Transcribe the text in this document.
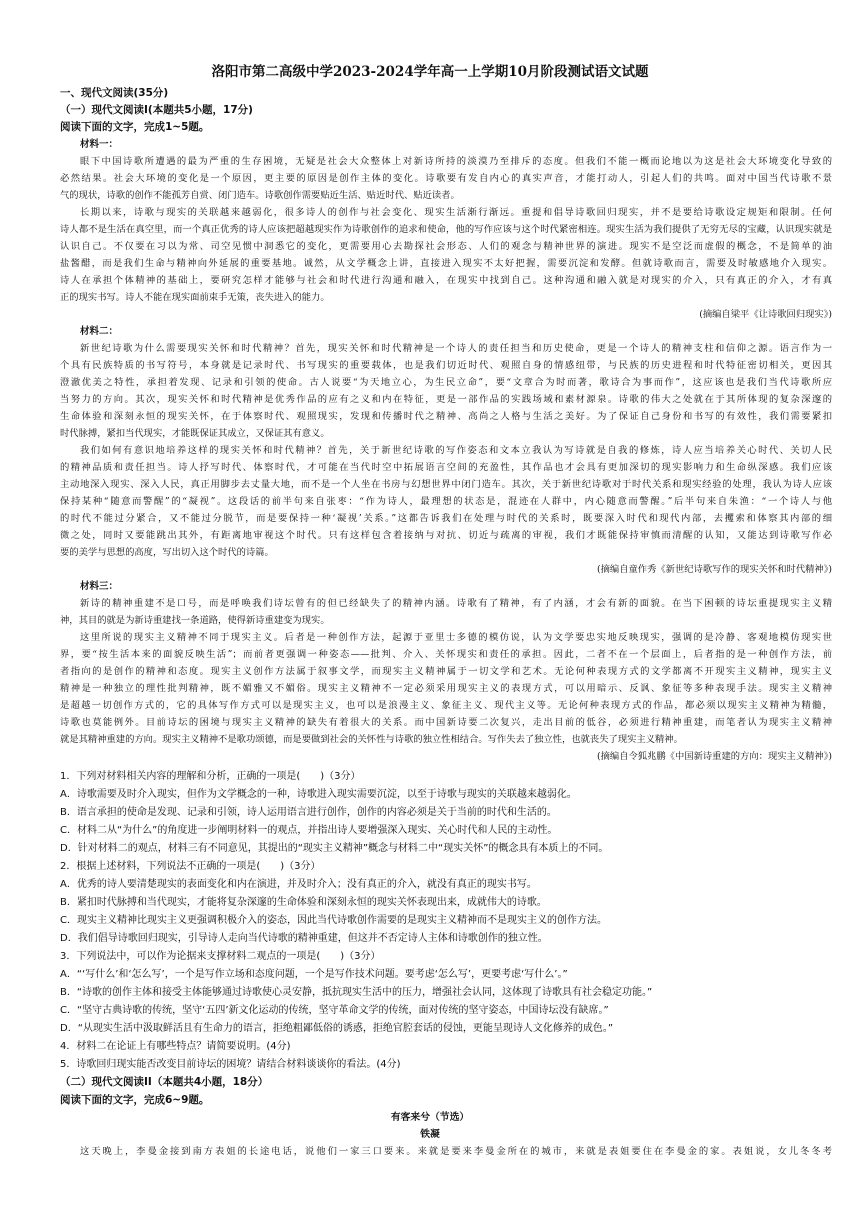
洛阳市第二高级中学2023-2024学年高一上学期10月阶段测试语文试题
一、现代文阅读(35分)
（一）现代文阅读I(本题共5小题，17分)
阅读下面的文字，完成1~5题。
材料一：
眼下中国诗歌所遭遇的最为严重的生存困境，无疑是社会大众整体上对新诗所持的淡漠乃至排斥的态度。但我们不能一概而论地以为这是社会大环境变化导致的
必然结果。社会大环境的变化是一个原因，更主要的原因是创作主体的变化。诗歌要有发自内心的真实声音，才能打动人，引起人们的共鸣。面对中国当代诗歌不景
气的现状，诗歌的创作不能孤芳自赏、闭门造车。诗歌创作需要贴近生活、贴近时代、贴近读者。
长期以来，诗歌与现实的关联越来越弱化，很多诗人的创作与社会变化、现实生活渐行渐远。重提和倡导诗歌回归现实，并不是要给诗歌设定规矩和限制。任何
诗人都不是生活在真空里，而一个真正优秀的诗人应该把超越现实作为诗歌创作的追求和使命，他的写作应该与这个时代紧密相连。现实生活为我们提供了无穷无尽的宝藏，认识现实就是
认识自己。不仅要在习以为常、司空见惯中洞悉它的变化，更需要用心去勘探社会形态、人们的观念与精神世界的演进。现实不是空泛而虚假的概念，不是简单的油
盐酱醋，而是我们生命与精神向外延展的重要基地。诚然，从文学概念上讲，直接进入现实不太好把握，需要沉淀和发酵。但就诗歌而言，需要及时敏感地介入现实。
诗人在承担个体精神的基础上，要研究怎样才能够与社会和时代进行沟通和融入，在现实中找到自己。这种沟通和融入就是对现实的介入，只有真正的介入，才有真
正的现实书写。诗人不能在现实面前束手无策，丧失进入的能力。
(摘编自梁平《让诗歌回归现实》)
材料二：
新世纪诗歌为什么需要现实关怀和时代精神？首先，现实关怀和时代精神是一个诗人的责任担当和历史使命，更是一个诗人的精神支柱和信仰之源。语言作为一
个具有民族特质的书写符号，本身就是记录时代、书写现实的重要载体，也是我们切近时代、观照自身的情感纽带，与民族的历史进程和时代特征密切相关，更因其
澄澈优美之特性，承担着发现、记录和引领的使命。古人说要“为天地立心，为生民立命”，要“文章合为时而著，歌诗合为事而作”，这应该也是我们当代诗歌所应
当努力的方向。其次，现实关怀和时代精神是优秀作品的应有之义和内在特征，更是一部作品的实践场域和素材源泉。诗歌的伟大之处就在于其所体现的复杂深邃的
生命体验和深刻永恒的现实关怀，在于体察时代、观照现实，发现和传播时代之精神、高尚之人格与生活之美好。为了保证自己身份和书写的有效性，我们需要紧扣
时代脉搏，紧扣当代现实，才能既保证其成立，又保证其有意义。
我们如何有意识地培养这样的现实关怀和时代精神？首先，关于新世纪诗歌的写作姿态和文本立我认为写诗就是自我的修炼，诗人应当培养关心时代、关切人民
的精神品质和责任担当。诗人抒写时代、体察时代，才可能在当代时空中拓展语言空间的充盈性，其作品也才会具有更加深切的现实影响力和生命纵深感。我们应该
主动地深入现实、深入人民，真正用脚步去丈量大地，而不是一个人坐在书房与幻想世界中闭门造车。其次，关于新世纪诗歌对于时代关系和现实经验的处理，我认为诗人应该
保持某种“随意而警醒”的“凝视”。这段话的前半句来自张枣：“作为诗人，最理想的状态是，混迹在人群中，内心随意而警醒。”后半句来自朱渔：“一个诗人与他
的时代不能过分紧合，又不能过分脱节，而是要保持一种‘凝视’关系。”这都告诉我们在处理与时代的关系时，既要深入时代和现代内部，去攫索和体察其内部的细
微之处，同时又要能跳出其外，有距离地审视这个时代。只有这样包含着接纳与对抗、切近与疏离的审视，我们才既能保持审慎而清醒的认知，又能达到诗歌写作必
要的美学与思想的高度，写出切入这个时代的诗篇。
(摘编自童作秀《新世纪诗歌写作的现实关怀和时代精神》)
材料三：
新诗的精神重建不是口号，而是呼唤我们诗坛曾有的但已经缺失了的精神内涵。诗歌有了精神，有了内涵，才会有新的面貌。在当下困顿的诗坛重提现实主义精
神，其目的就是为新诗重建找一条道路，使得新诗重建变为现实。
这里所说的现实主义精神不同于现实主义。后者是一种创作方法，起源于亚里士多德的模仿说，认为文学要忠实地反映现实，强调的是冷静、客观地模仿现实世
界，要“按生活本来的面貌反映生活”；而前者更强调一种姿态——批判、介入、关怀现实和责任的承担。因此，二者不在一个层面上，后者指的是一种创作方法，前
者指向的是创作的精神和态度。现实主义创作方法属于叙事文学，而现实主义精神属于一切文学和艺术。无论何种表现方式的文学都离不开现实主义精神，现实主义
精神是一种独立的理性批判精神，既不媚雅又不媚俗。现实主义精神不一定必须采用现实主义的表现方式，可以用暗示、反讽、象征等多种表现手法。现实主义精神
是超越一切创作方式的，它的具体写作方式可以是现实主义，也可以是浪漫主义、象征主义、现代主义等。无论何种表现方式的作品，都必须以现实主义精神为精髓，
诗歌也莫能例外。目前诗坛的困境与现实主义精神的缺失有着很大的关系。而中国新诗要二次复兴，走出目前的低谷，必须进行精神重建，而笔者认为现实主义精神
就是其精神重建的方向。现实主义精神不是歌功颂德，而是要做到社会的关怀性与诗歌的独立性相结合。写作失去了独立性，也就丧失了现实主义精神。
(摘编自令狐兆鹏《中国新诗重建的方向：现实主义精神》)
1．下列对材料相关内容的理解和分析，正确的一项是(　　)（3分）
A．诗歌需要及时介入现实，但作为文学概念的一种，诗歌进入现实需要沉淀，以至于诗歌与现实的关联越来越弱化。
B．语言承担的使命是发现、记录和引领，诗人运用语言进行创作，创作的内容必须是关于当前的时代和生活的。
C．材料二从“为什么”的角度进一步阐明材料一的观点，并指出诗人要增强深入现实、关心时代和人民的主动性。
D．针对材料二的观点，材料三有不同意见，其提出的“现实主义精神”概念与材料二中“现实关怀”的概念具有本质上的不同。
2．根据上述材料，下列说法不正确的一项是(　　)（3分）
A．优秀的诗人要清楚现实的表面变化和内在演进，并及时介入；没有真正的介入，就没有真正的现实书写。
B．紧扣时代脉搏和当代现实，才能将复杂深邃的生命体验和深刻永恒的现实关怀表现出来，成就伟大的诗歌。
C．现实主义精神比现实主义更强调积极介入的姿态，因此当代诗歌创作需要的是现实主义精神而不是现实主义的创作方法。
D．我们倡导诗歌回归现实，引导诗人走向当代诗歌的精神重建，但这并不否定诗人主体和诗歌创作的独立性。
3．下列说法中，可以作为论据来支撑材料二观点的一项是(　　)（3分）
A．“‘写什么’和‘怎么写’，一个是写作立场和态度问题，一个是写作技术问题。要考虑‘怎么写’，更要考虑‘写什么’。”
B．“诗歌的创作主体和接受主体能够通过诗歌使心灵安静，抵抗现实生活中的压力，增强社会认同，这体现了诗歌具有社会稳定功能。”
C．“坚守古典诗歌的传统，坚守‘五四’新文化运动的传统，坚守革命文学的传统，面对传统的坚守姿态，中国诗坛没有缺席。”
D．“从现实生活中汲取鲜活且有生命力的语言，拒绝粗鄙低俗的诱惑，拒绝官腔套话的侵蚀，更能呈现诗人文化修养的成色。”
4．材料二在论证上有哪些特点？请简要说明。(4分)
5．诗歌回归现实能否改变目前诗坛的困境？请结合材料谈谈你的看法。(4分)
（二）现代文阅读II（本题共4小题，18分）
阅读下面的文字，完成6~9题。
有客来兮（节选）
铁凝
这天晚上，李曼金接到南方表姐的长途电话，说他们一家三口要来。来就是要来李曼金所在的城市，来就是表姐要住在李曼金的家。表姐说，女儿冬冬考
